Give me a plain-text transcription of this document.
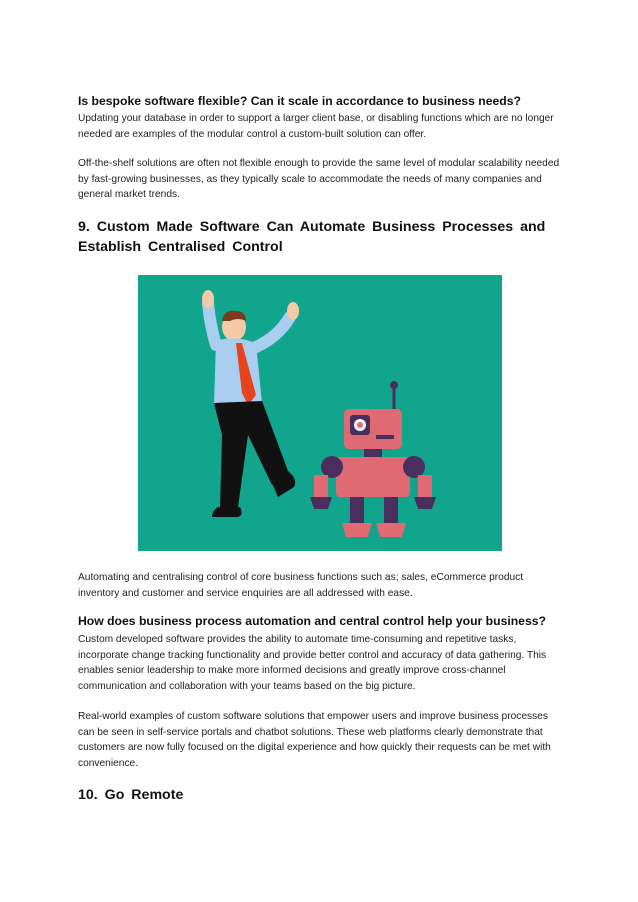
Is bespoke software flexible? Can it scale in accordance to business needs?
Updating your database in order to support a larger client base, or disabling functions which are no longer needed are examples of the modular control a custom-built solution can offer.
Off-the-shelf solutions are often not flexible enough to provide the same level of modular scalability needed by fast-growing businesses, as they typically scale to accommodate the needs of many companies and general market trends.
9. Custom Made Software Can Automate Business Processes and Establish Centralised Control
Automating and centralising control of core business functions such as; sales, eCommerce product inventory and customer and service enquiries are all addressed with ease.
How does business process automation and central control help your business?
Custom developed software provides the ability to automate time-consuming and repetitive tasks, incorporate change tracking functionality and provide better control and accuracy of data gathering. This enables senior leadership to make more informed decisions and greatly improve cross-channel communication and collaboration with your teams based on the big picture.
Real-world examples of custom software solutions that empower users and improve business processes can be seen in self-service portals and chatbot solutions. These web platforms clearly demonstrate that customers are now fully focused on the digital experience and how quickly their requests can be met with convenience.
10. Go Remote
